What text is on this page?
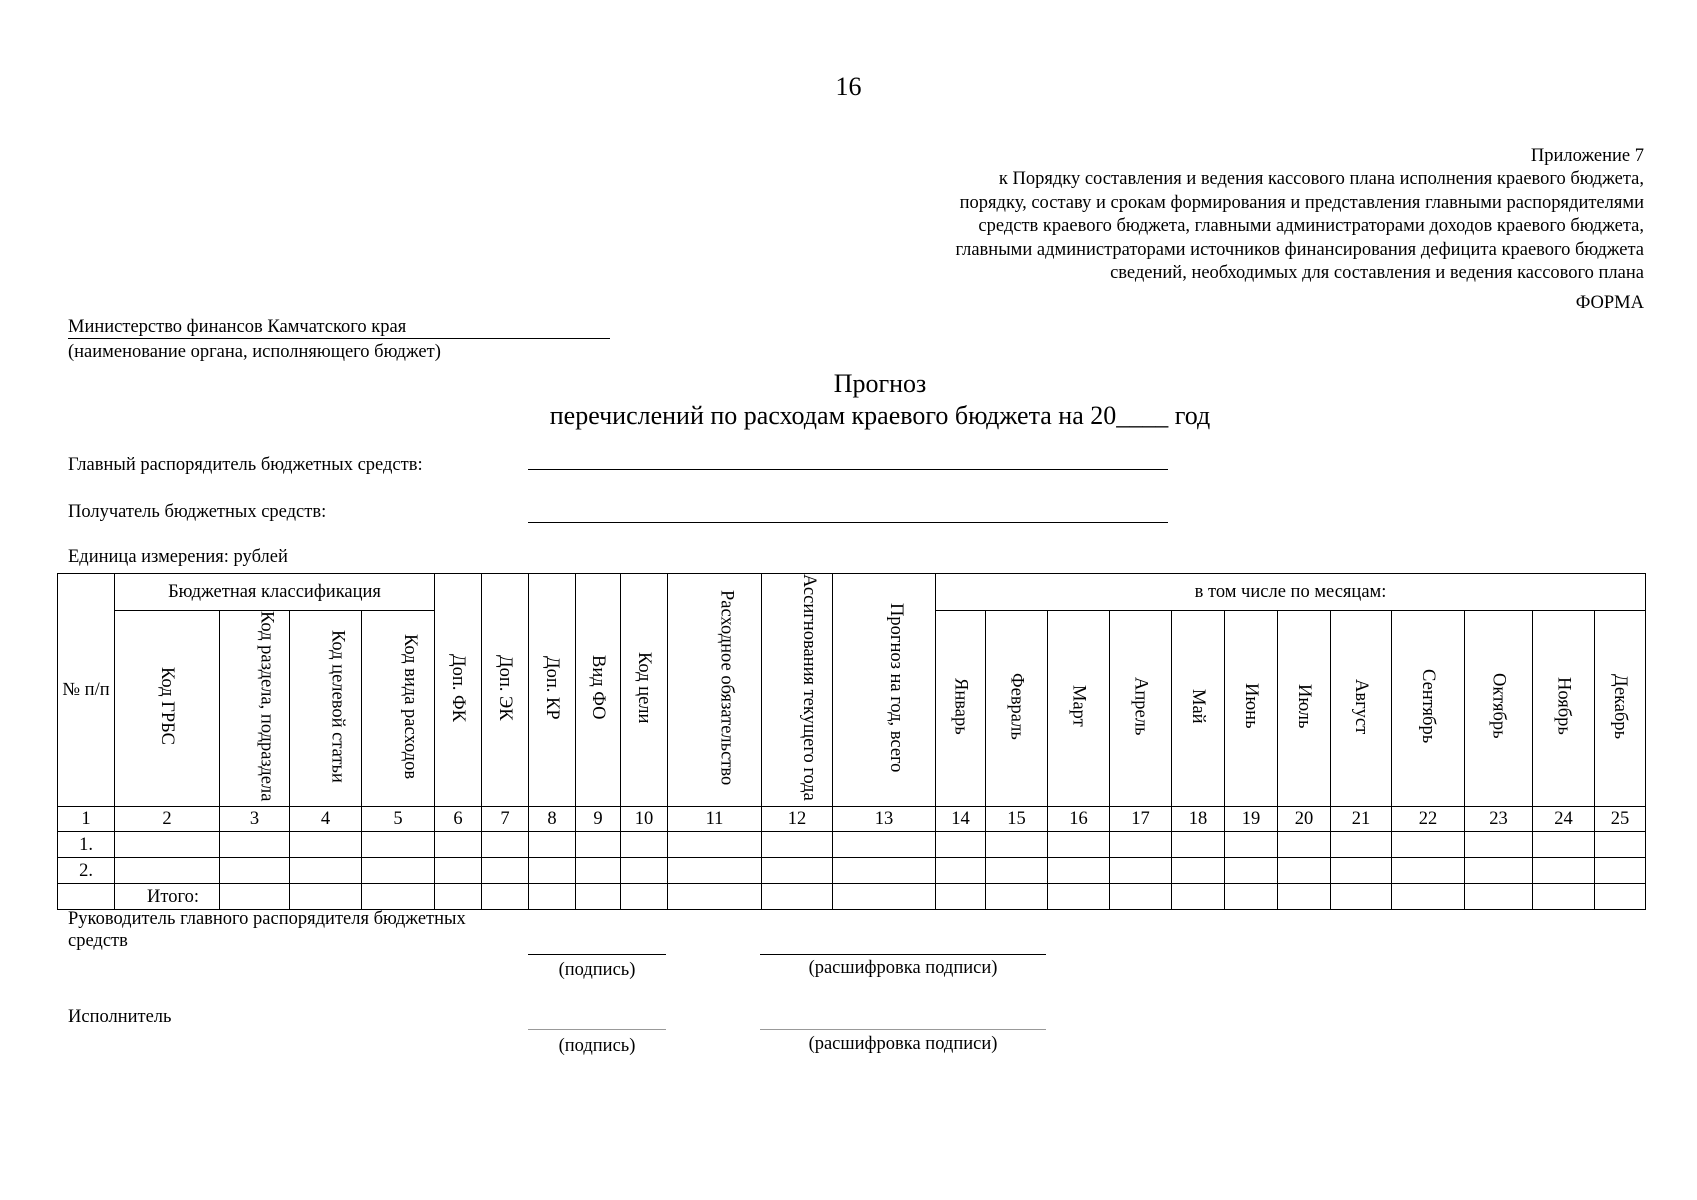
16
Приложение 7
к Порядку составления и ведения кассового плана исполнения краевого бюджета,
порядку, составу и срокам формирования и представления главными распорядителями
средств краевого бюджета, главными администраторами доходов краевого бюджета,
главными администраторами источников финансирования дефицита краевого бюджета
сведений, необходимых для составления и ведения кассового плана
ФОРМА
Министерство финансов Камчатского края
(наименование органа, исполняющего бюджет)
Прогноз
перечислений по расходам краевого бюджета на 20____ год
Главный распорядитель бюджетных средств:
Получатель бюджетных средств:
Единица измерения: рублей
№ п/п	Бюджетная классификация				Доп. ФК	Доп. ЭК	Доп. КР	Вид ФО	Код цели	Расходное обязательство	Ассигнования текущего года	Прогноз на год, всего	в том числе по месяцам:											
	Код ГРБС	Код раздела, подраздела	Код целевой статьи	Код вида расходов									Январь	Февраль	Март	Апрель	Май	Июнь	Июль	Август	Сентябрь	Октябрь	Ноябрь	Декабрь
1	2	3	4	5	6	7	8	9	10	11	12	13	14	15	16	17	18	19	20	21	22	23	24	25
1.																								
2.																								
	Итого:																							
Руководитель главного распорядителя бюджетных средств
(подпись)	(расшифровка подписи)
Исполнитель
(подпись)	(расшифровка подписи)
